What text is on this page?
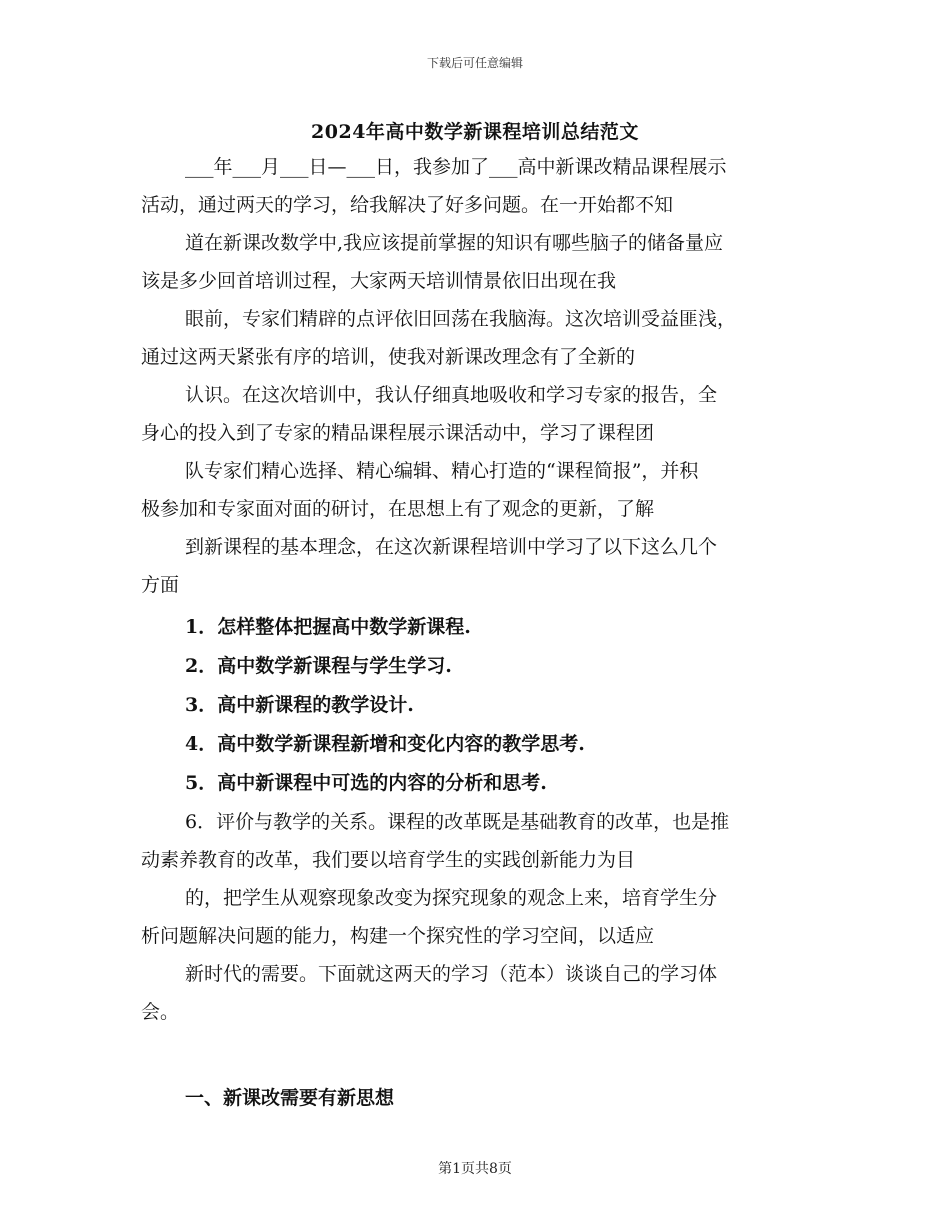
下载后可任意编辑
2024年高中数学新课程培训总结范文

___年___月___日—___日，我参加了___高中新课改精品课程展示
活动，通过两天的学习，给我解决了好多问题。在一开始都不知

道在新课改数学中,我应该提前掌握的知识有哪些脑子的储备量应
该是多少回首培训过程，大家两天培训情景依旧出现在我

眼前，专家们精辟的点评依旧回荡在我脑海。这次培训受益匪浅，
通过这两天紧张有序的培训，使我对新课改理念有了全新的

认识。在这次培训中，我认仔细真地吸收和学习专家的报告，全
身心的投入到了专家的精品课程展示课活动中，学习了课程团

队专家们精心选择、精心编辑、精心打造的“课程简报”，并积
极参加和专家面对面的研讨，在思想上有了观念的更新，了解

到新课程的基本理念，在这次新课程培训中学习了以下这么几个
方面

1．怎样整体把握高中数学新课程.

2．高中数学新课程与学生学习.

3．高中新课程的教学设计.

4．高中数学新课程新增和变化内容的教学思考.

5．高中新课程中可选的内容的分析和思考.

6．评价与教学的关系。课程的改革既是基础教育的改革，也是推
动素养教育的改革，我们要以培育学生的实践创新能力为目

的，把学生从观察现象改变为探究现象的观念上来，培育学生分
析问题解决问题的能力，构建一个探究性的学习空间，以适应

新时代的需要。下面就这两天的学习（范本）谈谈自己的学习体
会。

一、新课改需要有新思想

第1页共8页
